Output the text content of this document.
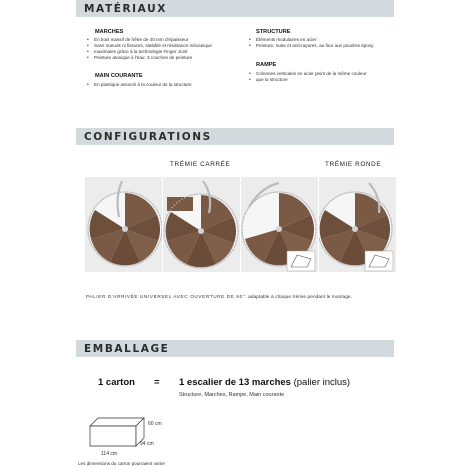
MATÉRIAUX
MARCHES
• En bois massif de hêtre de 40 mm d'épaisseur
• Sans noeuds ni fissures, stabilité et résistance mécanique
• maximales grâce à la technologie Finger Joint
• Peinture atoxique à l'eau: 3 couches de peinture
MAIN COURANTE
• En plastique associé à la couleur de la structure
STRUCTURE
• Éléments modulaires en acier
• Peinture, mate et anti-rayures, au four aux poudres époxy
RAMPE
• Colonnes verticales en acier peint de la même couleur
• que la structure
CONFIGURATIONS
TRÉMIE CARRÉE	TRÉMIE RONDE
PALIER D'ARRIVÉE UNIVERSEL AVEC OUVERTURE DE 60°: adaptable à chaque trémie pendant le montage.
EMBALLAGE
1 carton = 1 escalier de 13 marches (palier inclus)
Structure, Marches, Rampe, Main courante
60 cm
94 cm
114 cm
Les dimensions du carton pourraient varier
